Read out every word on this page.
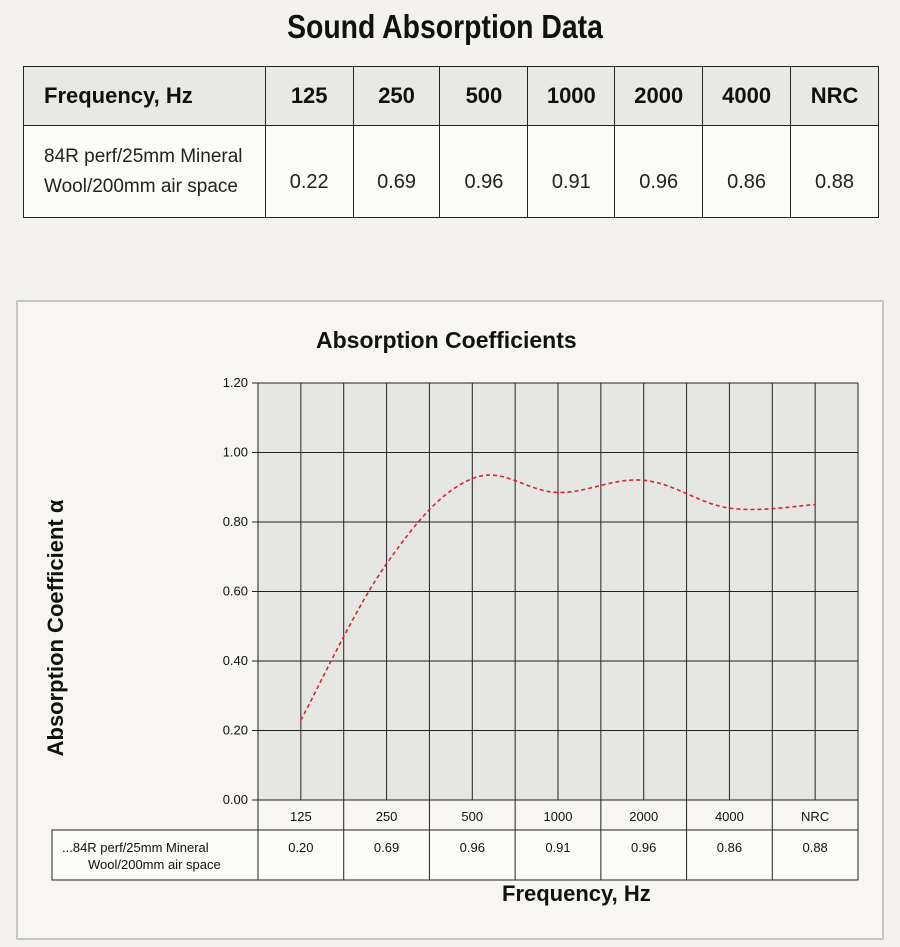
Sound Absorption Data
Frequency, Hz	125	250	500	1000	2000	4000	NRC

84R perf/25mm Mineral
Wool/200mm air space	0.22	0.69	0.96	0.91	0.96	0.86	0.88
Absorption Coefficients
Absorption Coefficient α
Frequency, Hz
0.00
0.20
0.40
0.60
0.80
1.00
1.20
125	250	500	1000	2000	4000	NRC
...84R perf/25mm Mineral
Wool/200mm air space
0.20	0.69	0.96	0.91	0.96	0.86	0.88
